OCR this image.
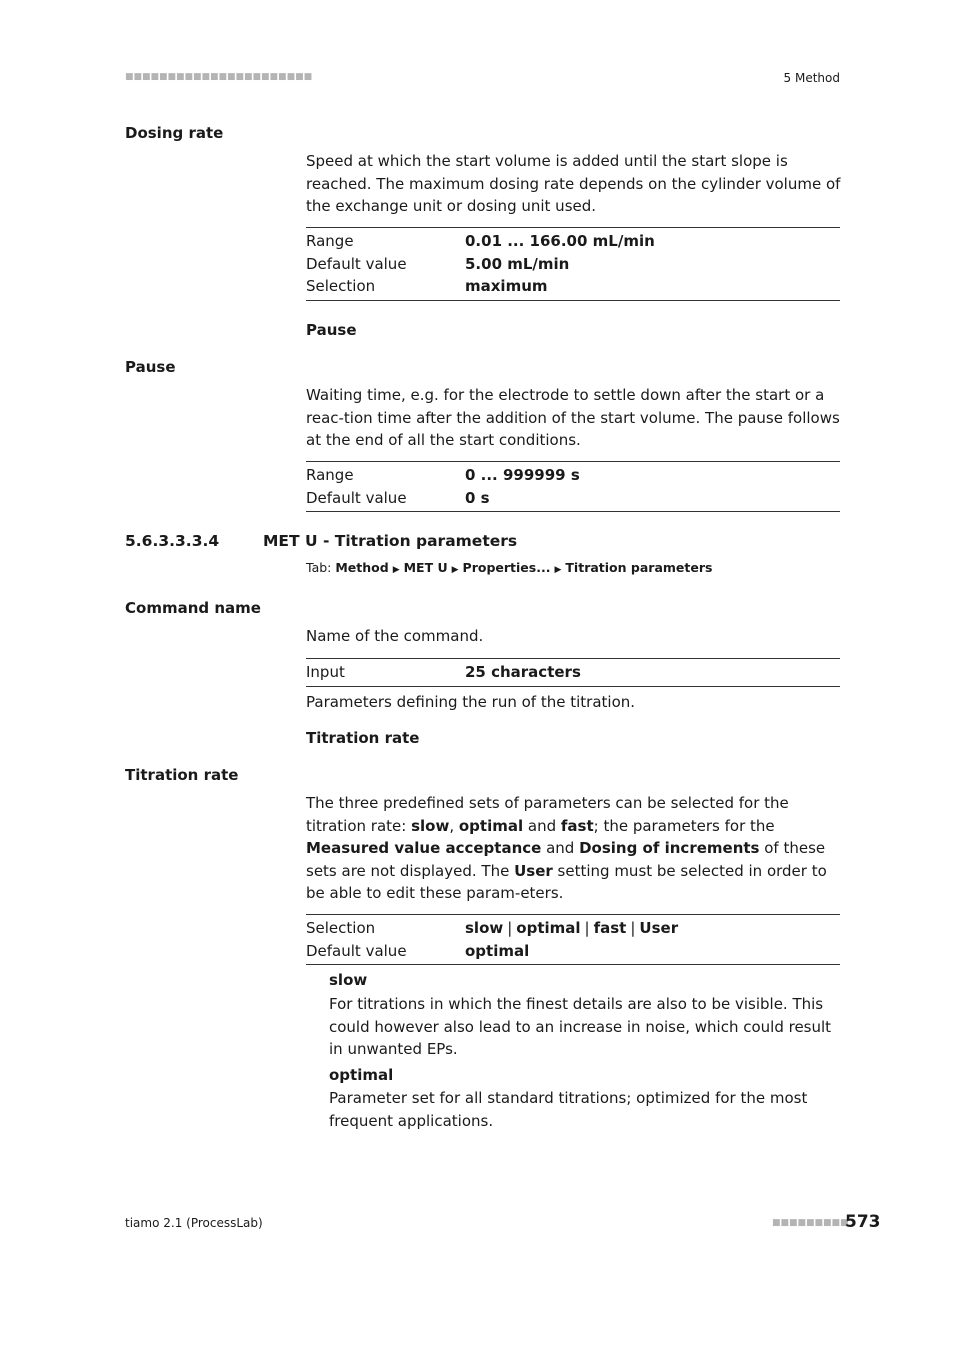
■■■■■■■■■■■■■■■■■■■■■■	5 Method
Dosing rate

Speed at which the start volume is added until the start slope is reached. The maximum dosing rate depends on the cylinder volume of the exchange unit or dosing unit used.

Range	0.01 ... 166.00 mL/min
Default value	5.00 mL/min
Selection	maximum
Pause
Pause

Waiting time, e.g. for the electrode to settle down after the start or a reac-tion time after the addition of the start volume. The pause follows at the end of all the start conditions.

Range	0 ... 999999 s
Default value	0 s
5.6.3.3.3.4	MET U - Titration parameters
Tab: Method ▶ MET U ▶ Properties... ▶ Titration parameters
Command name

Name of the command.

Input	25 characters

Parameters defining the run of the titration.

Titration rate
Titration rate

The three predefined sets of parameters can be selected for the titration rate: slow, optimal and fast; the parameters for the Measured value acceptance and Dosing of increments of these sets are not displayed. The User setting must be selected in order to be able to edit these param-eters.

Selection	slow | optimal | fast | User
Default value	optimal
slow

For titrations in which the finest details are also to be visible. This could however also lead to an increase in noise, which could result in unwanted EPs.

optimal

Parameter set for all standard titrations; optimized for the most frequent applications.

tiamo 2.1 (ProcessLab)	■■■■■■■■■
573
